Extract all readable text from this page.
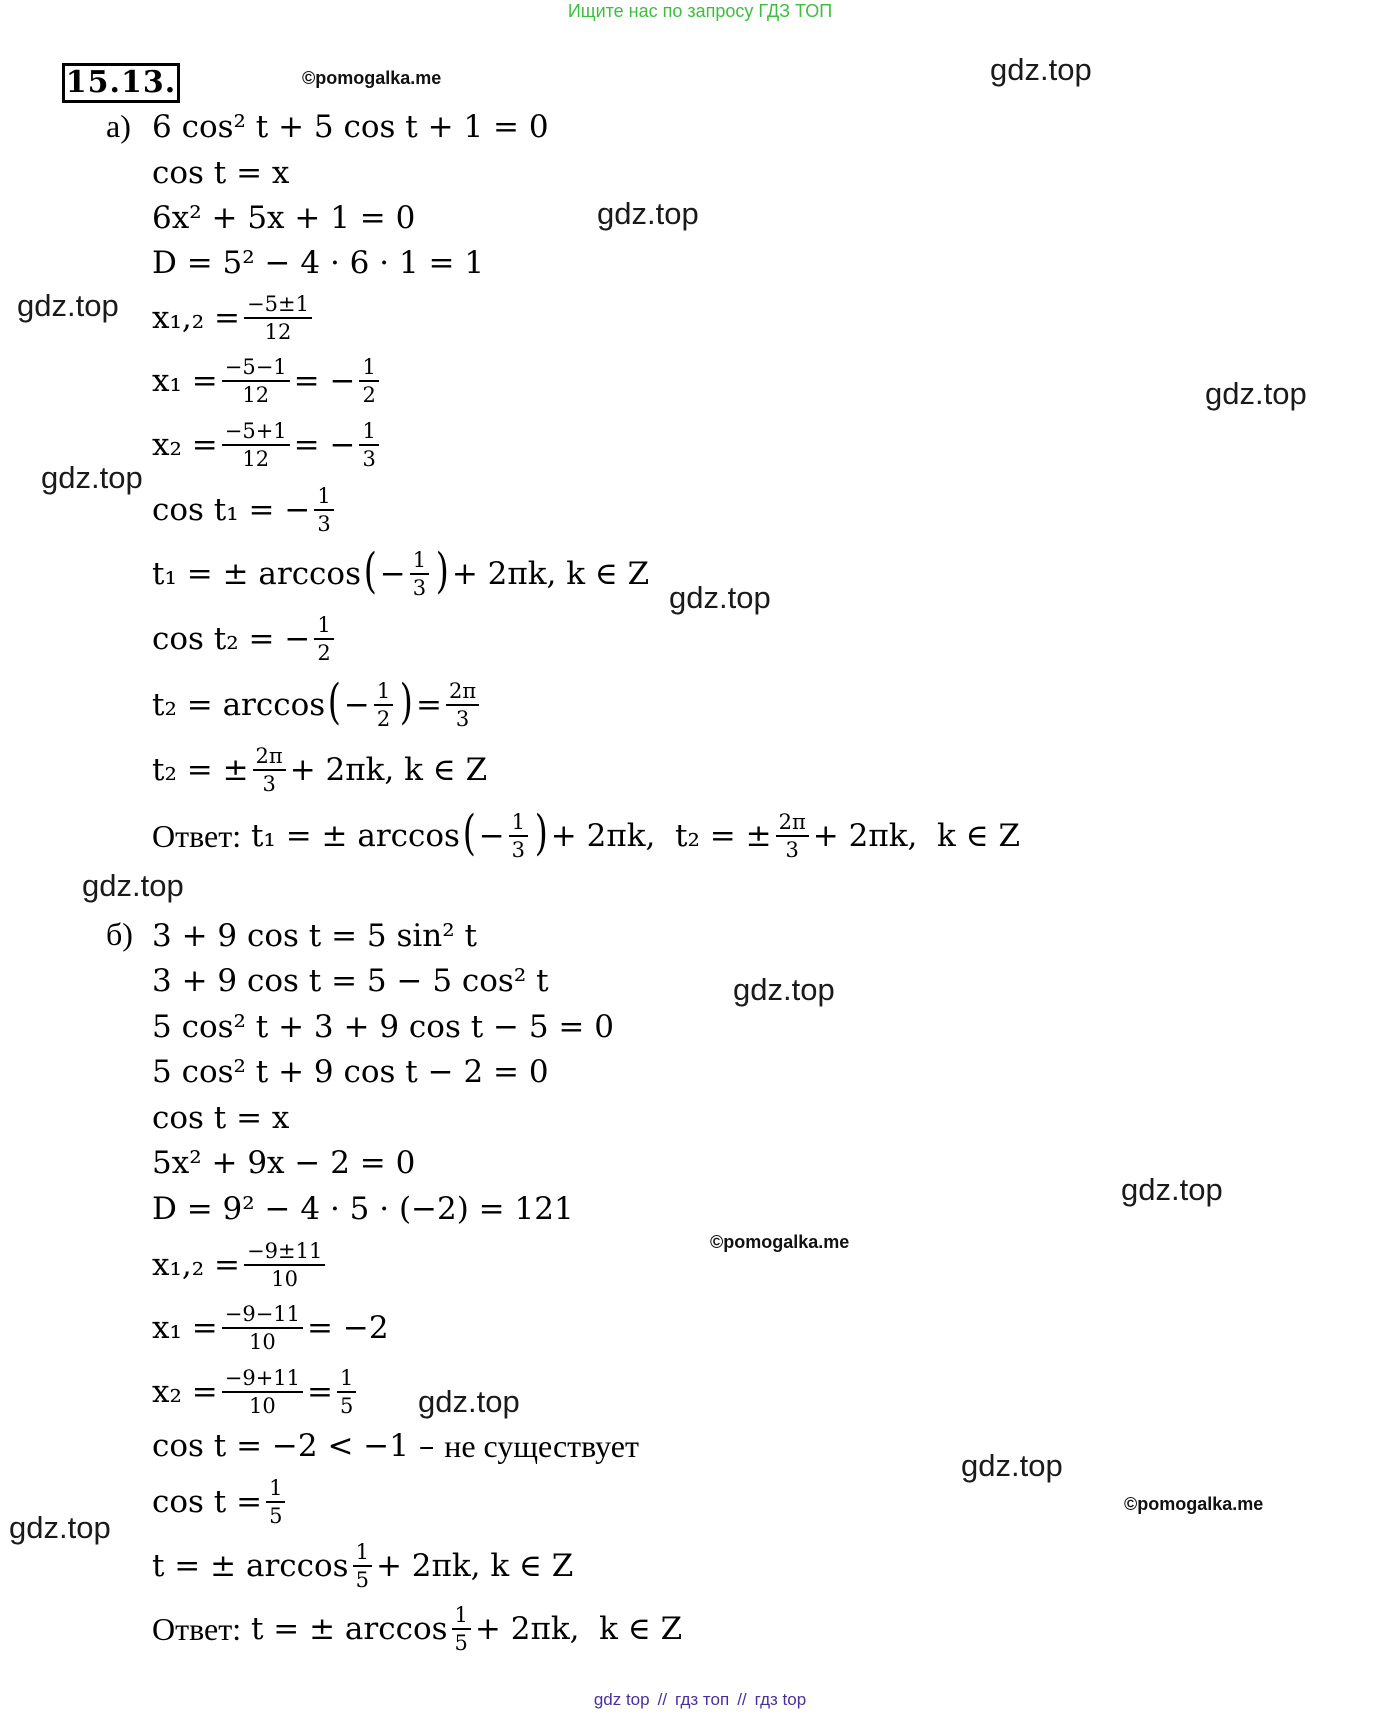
Ищите нас по запросу ГДЗ ТОП
15.13.	©pomogalka.me
©pomogalka.me
©pomogalka.me
gdz.top
gdz.top
gdz.top
gdz.top
gdz.top
gdz.top
gdz.top
gdz.top
gdz.top
gdz.top
gdz.top
gdz.top
а) 6 cos² t + 5 cos t + 1 = 0
cos t = x
6x² + 5x + 1 = 0
D = 5² − 4 · 6 · 1 = 1
$x_1,_2 = \frac{-5\pm 1}{12}$
$x_1 = \frac{-5-1}{12}$ = − $\frac{1}{2}$
$x_2 = \frac{-5+1}{12}$ = − $\frac{1}{3}$
cos t₁ = − $\frac{1}{3}$
t₁ = ± arccos ( − $\frac{1}{3}$ ) + 2πk, k ∈ Z
cos t₂ = − $\frac{1}{2}$
t₂ = arccos ( − $\frac{1}{2}$ ) = $\frac{2\pi}{3}$
t₂ = ± $\frac{2\pi}{3} + 2\pi k$, k ∈ Z
Ответ:
t₁ = ± arccos ( − $\frac{1}{3}$ ) + 2πk,  t₂ = ± $\frac{2\pi}{3} + 2\pi k$,  k ∈ Z
б) 3 + 9 cos t = 5 sin² t
3 + 9 cos t = 5 − 5 cos² t
5 cos² t + 3 + 9 cos t − 5 = 0
5 cos² t + 9 cos t − 2 = 0
cos t = x
5x² + 9x − 2 = 0
D = 9² − 4 · 5 · (−2) = 121
$x_1,_2 = \frac{-9\pm 11}{10}$
$x_1 = \frac{-9-11}{10} = -2$
$x_2 = \frac{-9+11}{10} = \frac{1}{5}$
cos t = −2 < −1 – не существует
$\cos t = \frac{1}{5}$
t = ± $\arccos \frac{1}{5} + 2\pi k$, k ∈ Z
Ответ:
t = ± $\arccos \frac{1}{5} + 2\pi k$,  k ∈ Z
gdz top // гдз топ // гдз top
